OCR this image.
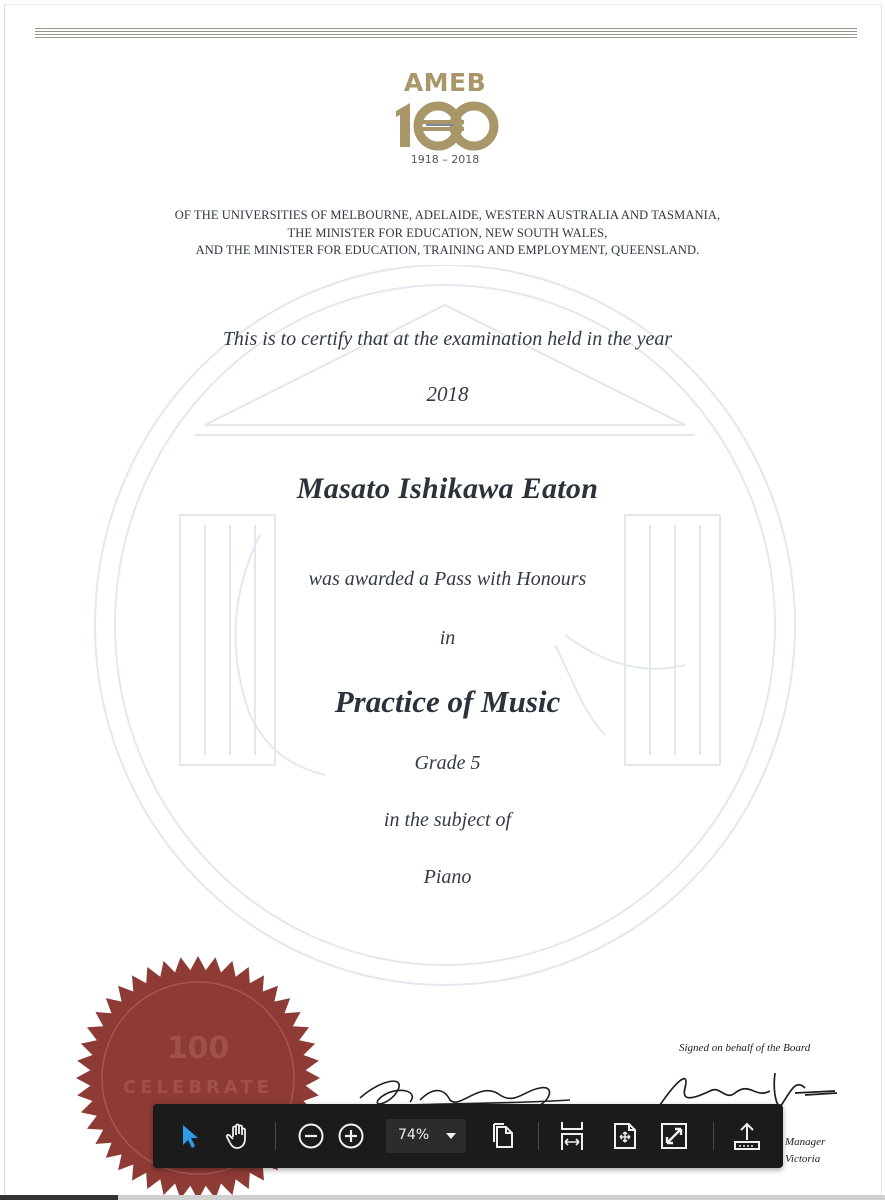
AMEB
1918 – 2018
OF THE UNIVERSITIES OF MELBOURNE, ADELAIDE, WESTERN AUSTRALIA AND TASMANIA,
THE MINISTER FOR EDUCATION, NEW SOUTH WALES,
AND THE MINISTER FOR EDUCATION, TRAINING AND EMPLOYMENT, QUEENSLAND.
This is to certify that at the examination held in the year
2018
Masato Ishikawa Eaton
was awarded a Pass with Honours
in
Practice of Music
Grade 5
in the subject of
Piano
100
CELEBRATE
Signed on behalf of the Board
Manager
Victoria
74%
